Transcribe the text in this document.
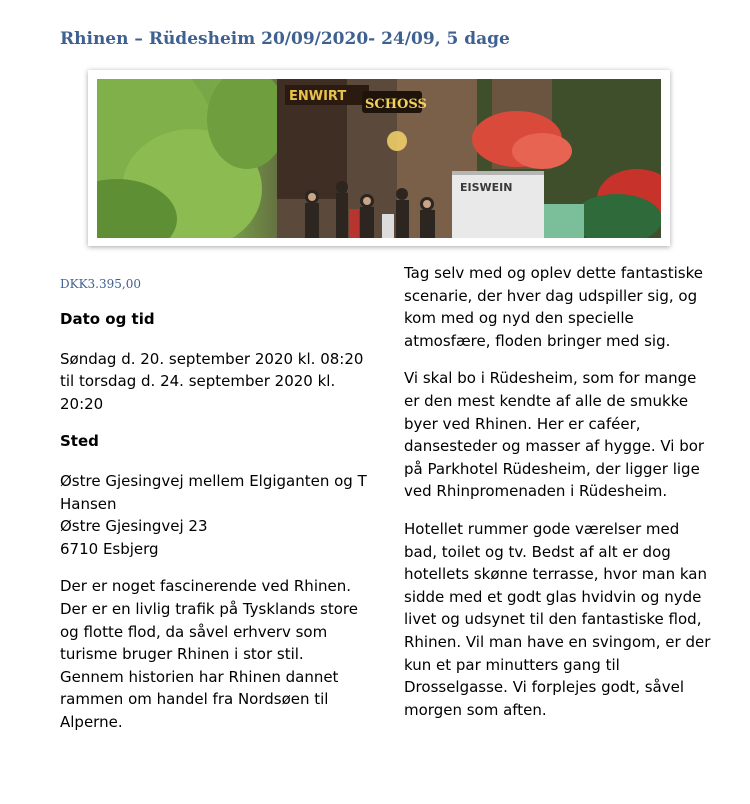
Rhinen – Rüdesheim 20/09/2020- 24/09, 5 dage
ENWIRT
SCHOSS
EISWEIN
DKK3.395,00
Dato og tid

Søndag d. 20. september 2020 kl. 08:20 til torsdag d. 24. september 2020 kl. 20:20

Sted
Østre Gjesingvej mellem Elgiganten og T Hansen
Østre Gjesingvej 23
6710 Esbjerg

Der er noget fascinerende ved Rhinen. Der er en livlig trafik på Tysklands store og flotte flod, da såvel erhverv som turisme bruger Rhinen i stor stil. Gennem historien har Rhinen dannet rammen om handel fra Nordsøen til Alperne.

Tag selv med og oplev dette fantastiske scenarie, der hver dag udspiller sig, og kom med og nyd den specielle atmosfære, floden bringer med sig.

Vi skal bo i Rüdesheim, som for mange er den mest kendte af alle de smukke byer ved Rhinen. Her er caféer, dansesteder og masser af hygge. Vi bor på Parkhotel Rüdesheim, der ligger lige ved Rhinpromenaden i Rüdesheim.

Hotellet rummer gode værelser med bad, toilet og tv. Bedst af alt er dog hotellets skønne terrasse, hvor man kan sidde med et godt glas hvidvin og nyde livet og udsynet til den fantastiske flod, Rhinen. Vil man have en svingom, er der kun et par minutters gang til Drosselgasse. Vi forplejes godt, såvel morgen som aften.
